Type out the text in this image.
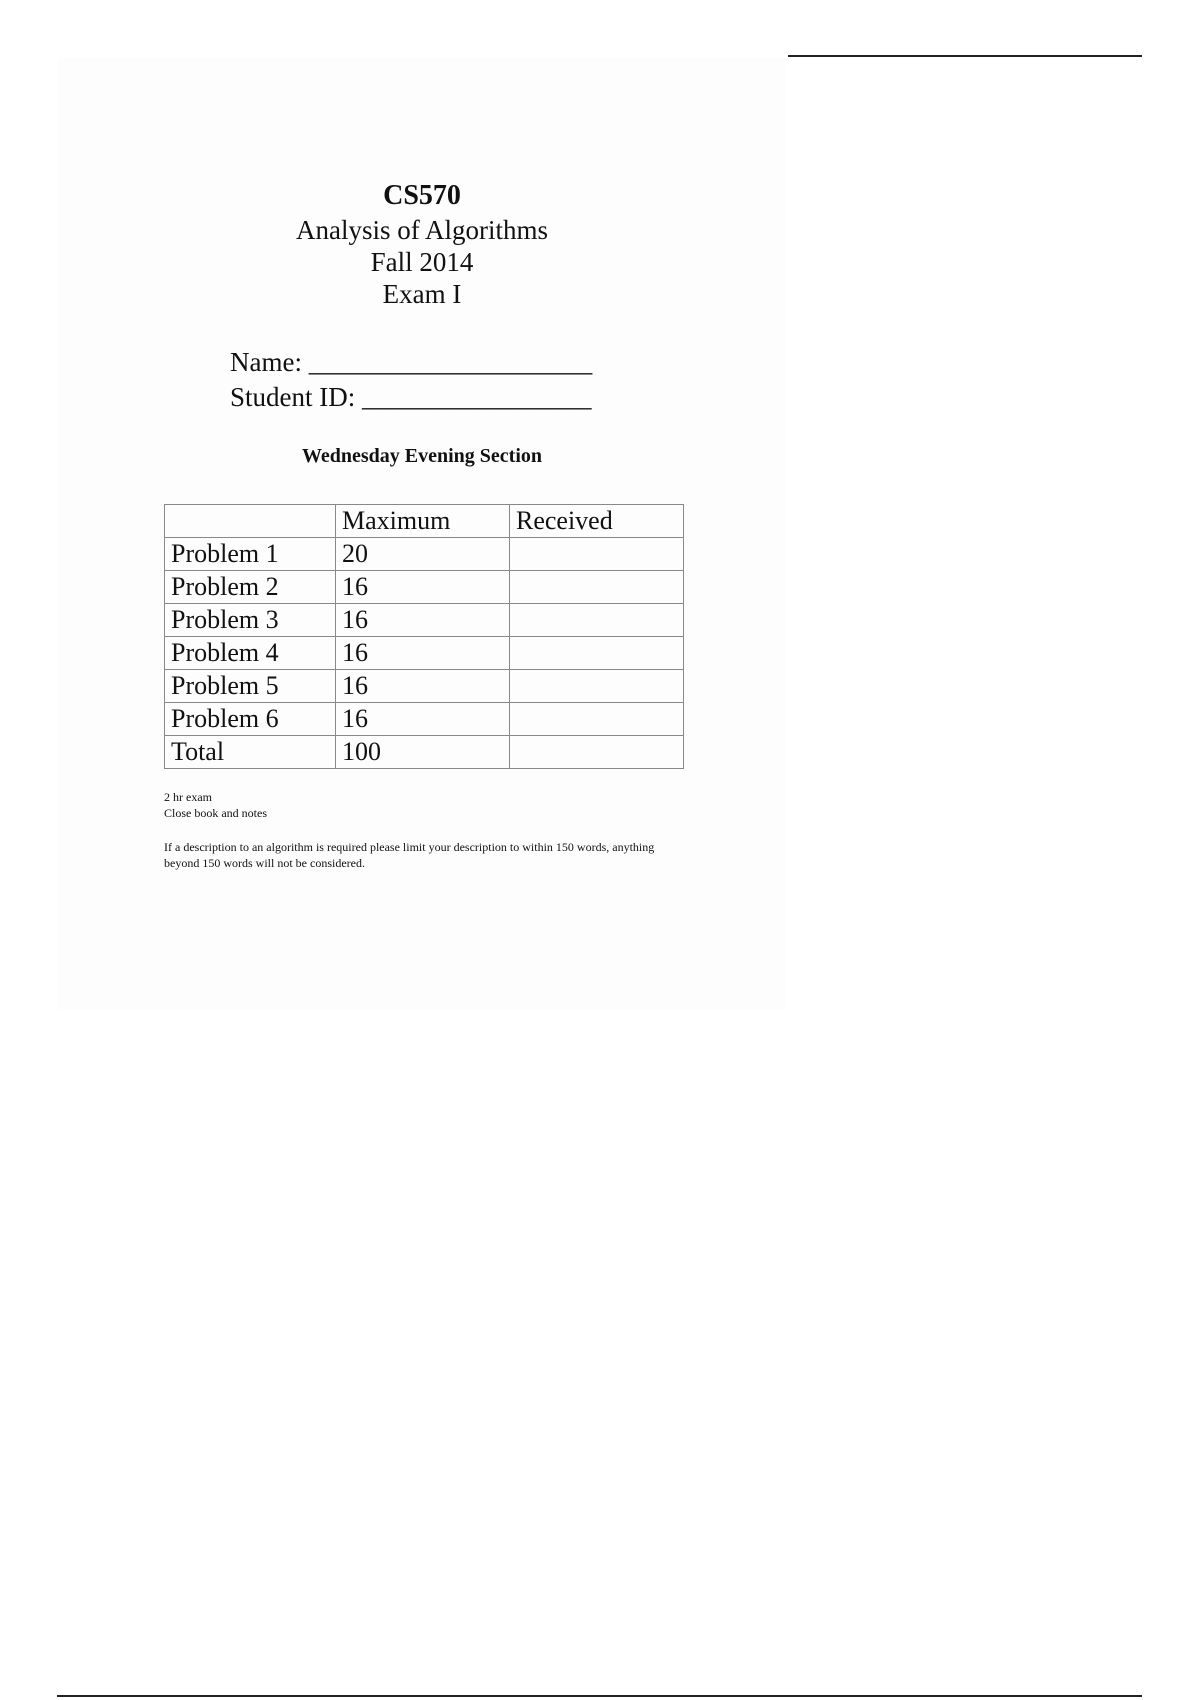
CS570

Analysis of Algorithms

Fall 2014

Exam I

Name: _____________________
Student ID: _________________
Wednesday Evening Section
	Maximum	Received
Problem 1	20	
Problem 2	16	
Problem 3	16	
Problem 4	16	
Problem 5	16	
Problem 6	16	
Total	100	

2 hr exam

Close book and notes

If a description to an algorithm is required please limit your description to within 150 words, anything beyond 150 words will not be considered.
